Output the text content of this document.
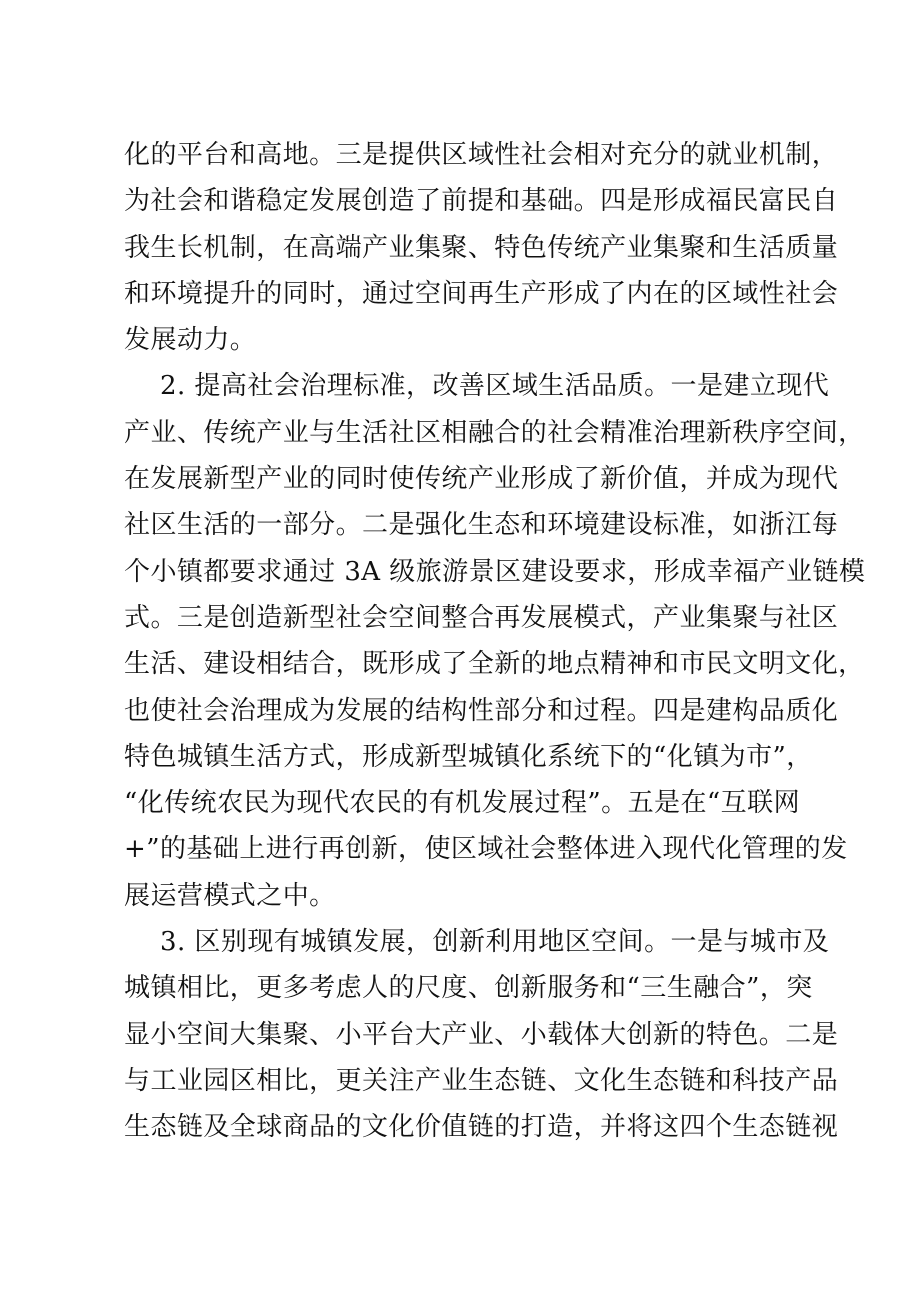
化的平台和高地。三是提供区域性社会相对充分的就业机制，
为社会和谐稳定发展创造了前提和基础。四是形成福民富民自
我生长机制，在高端产业集聚、特色传统产业集聚和生活质量
和环境提升的同时，通过空间再生产形成了内在的区域性社会
发展动力。
2. 提高社会治理标准，改善区域生活品质。一是建立现代
产业、传统产业与生活社区相融合的社会精准治理新秩序空间，
在发展新型产业的同时使传统产业形成了新价值，并成为现代
社区生活的一部分。二是强化生态和环境建设标准，如浙江每
个小镇都要求通过 3A 级旅游景区建设要求，形成幸福产业链模
式。三是创造新型社会空间整合再发展模式，产业集聚与社区
生活、建设相结合，既形成了全新的地点精神和市民文明文化，
也使社会治理成为发展的结构性部分和过程。四是建构品质化
特色城镇生活方式，形成新型城镇化系统下的“化镇为市”，
“化传统农民为现代农民的有机发展过程”。五是在“互联网
+”的基础上进行再创新，使区域社会整体进入现代化管理的发
展运营模式之中。
3. 区别现有城镇发展，创新利用地区空间。一是与城市及
城镇相比，更多考虑人的尺度、创新服务和“三生融合”，突
显小空间大集聚、小平台大产业、小载体大创新的特色。二是
与工业园区相比，更关注产业生态链、文化生态链和科技产品
生态链及全球商品的文化价值链的打造，并将这四个生态链视
